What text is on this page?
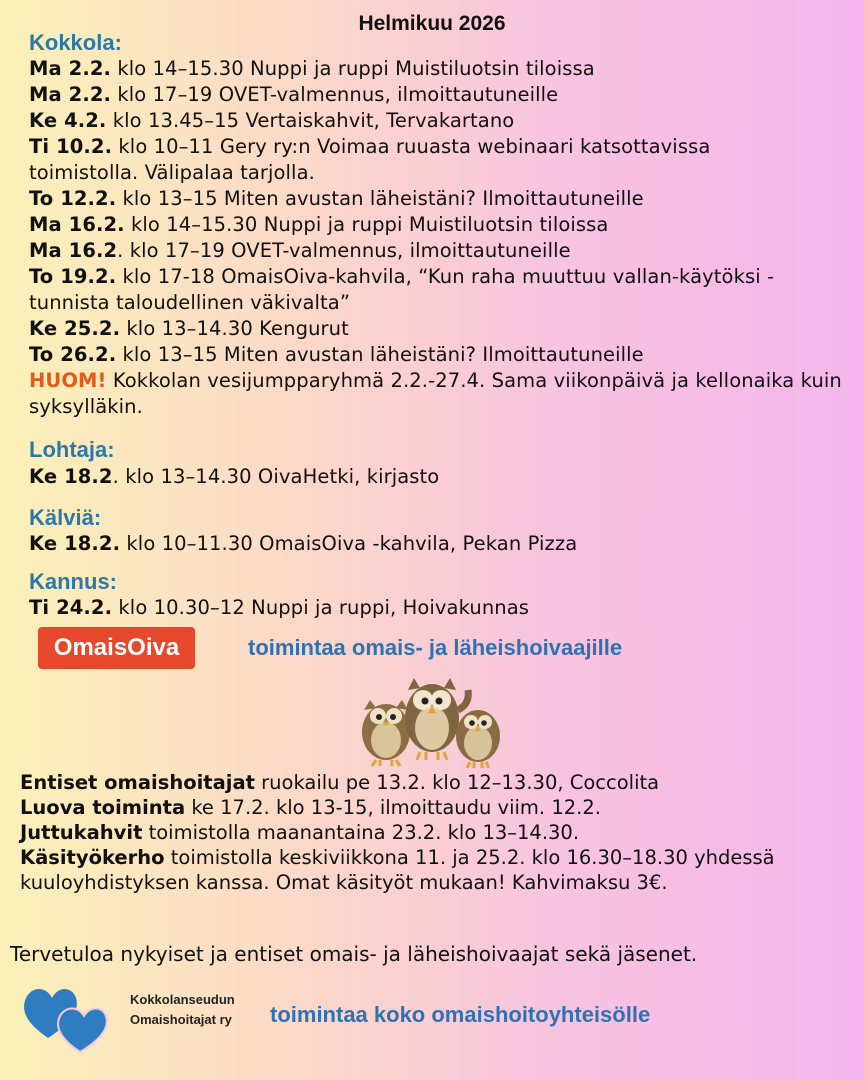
Helmikuu 2026
Kokkola:
Ma 2.2. klo 14–15.30 Nuppi ja ruppi Muistiluotsin tiloissa
Ma 2.2. klo 17–19 OVET-valmennus, ilmoittautuneille
Ke 4.2. klo 13.45–15 Vertaiskahvit, Tervakartano
Ti 10.2. klo 10–11 Gery ry:n Voimaa ruuasta webinaari katsottavissa toimistolla. Välipalaa tarjolla.
To 12.2. klo 13–15 Miten avustan läheistäni? Ilmoittautuneille
Ma 16.2. klo 14–15.30 Nuppi ja ruppi Muistiluotsin tiloissa
Ma 16.2. klo 17–19 OVET-valmennus, ilmoittautuneille
To 19.2. klo 17-18 OmaisOiva-kahvila, “Kun raha muuttuu vallan-käytöksi - tunnista taloudellinen väkivalta”
Ke 25.2. klo 13–14.30 Kengurut
To 26.2. klo 13–15 Miten avustan läheistäni? Ilmoittautuneille
HUOM! Kokkolan vesijumpparyhmä 2.2.-27.4. Sama viikonpäivä ja kellonaika kuin syksylläkin.
Lohtaja:
Ke 18.2. klo 13–14.30 OivaHetki, kirjasto
Kälviä:
Ke 18.2. klo 10–11.30 OmaisOiva -kahvila, Pekan Pizza
Kannus:
Ti 24.2. klo 10.30–12 Nuppi ja ruppi, Hoivakunnas
OmaisOiva	toimintaa omais- ja läheishoivaajille
Entiset omaishoitajat ruokailu pe 13.2. klo 12–13.30, Coccolita
Luova toiminta ke 17.2. klo 13-15, ilmoittaudu viim. 12.2.
Juttukahvit toimistolla maanantaina 23.2. klo 13–14.30.
Käsityökerho toimistolla keskiviikkona 11. ja 25.2. klo 16.30–18.30 yhdessä kuuloyhdistyksen kanssa. Omat käsityöt mukaan! Kahvimaksu 3€.
Tervetuloa nykyiset ja entiset omais- ja läheishoivaajat sekä jäsenet.
Kokkolanseudun
Omaishoitajat ry toimintaa koko omaishoitoyhteisölle
